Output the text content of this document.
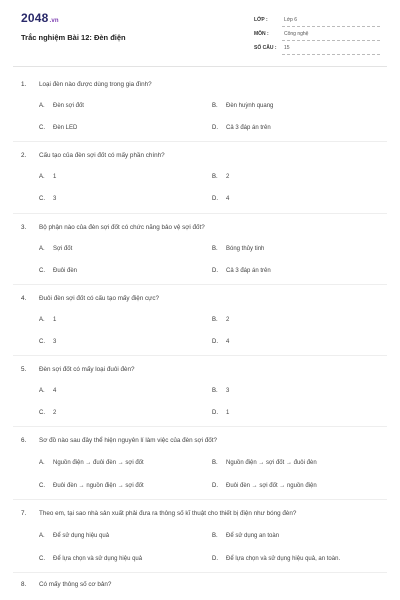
2048.vn
Trắc nghiệm Bài 12: Đèn điện
LỚP :	Lớp 6
MÔN :	Công nghệ
SỐ CÂU : 15
1. Loại đèn nào được dùng trong gia đình?
A. Đèn sợi đốt	B. Đèn huỳnh quang
C. Đèn LED	D. Cả 3 đáp án trên
2. Cấu tạo của đèn sợi đốt có mấy phần chính?
A. 1	B. 2
C. 3	D. 4
3. Bộ phận nào của đèn sợi đốt có chức năng bảo vệ sợi đốt?
A. Sợi đốt	B. Bóng thủy tinh
C. Đuôi đèn	D. Cả 3 đáp án trên
4. Đuôi đèn sợi đốt có cấu tạo mấy điện cực?
A. 1	B. 2
C. 3	D. 4
5. Đèn sợi đốt có mấy loại đuôi đèn?
A. 4	B. 3
C. 2	D. 1
6. Sơ đồ nào sau đây thể hiện nguyên lí làm việc của đèn sợi đốt?
A. Nguồn điện → đuôi đèn → sợi đốt	B. Nguồn điện → sợi đốt → đuôi đèn
C. Đuôi đèn → nguồn điện → sợi đốt	D. Đuôi đèn → sợi đốt → nguồn điện
7. Theo em, tại sao nhà sản xuất phải đưa ra thông số kĩ thuật cho thiết bị điện như bóng đèn?
A. Để sử dụng hiệu quả	B. Để sử dụng an toàn
C. Để lựa chọn và sử dụng hiệu quả	D. Để lựa chọn và sử dụng hiệu quả, an toàn.
8. Có mấy thông số cơ bản?
